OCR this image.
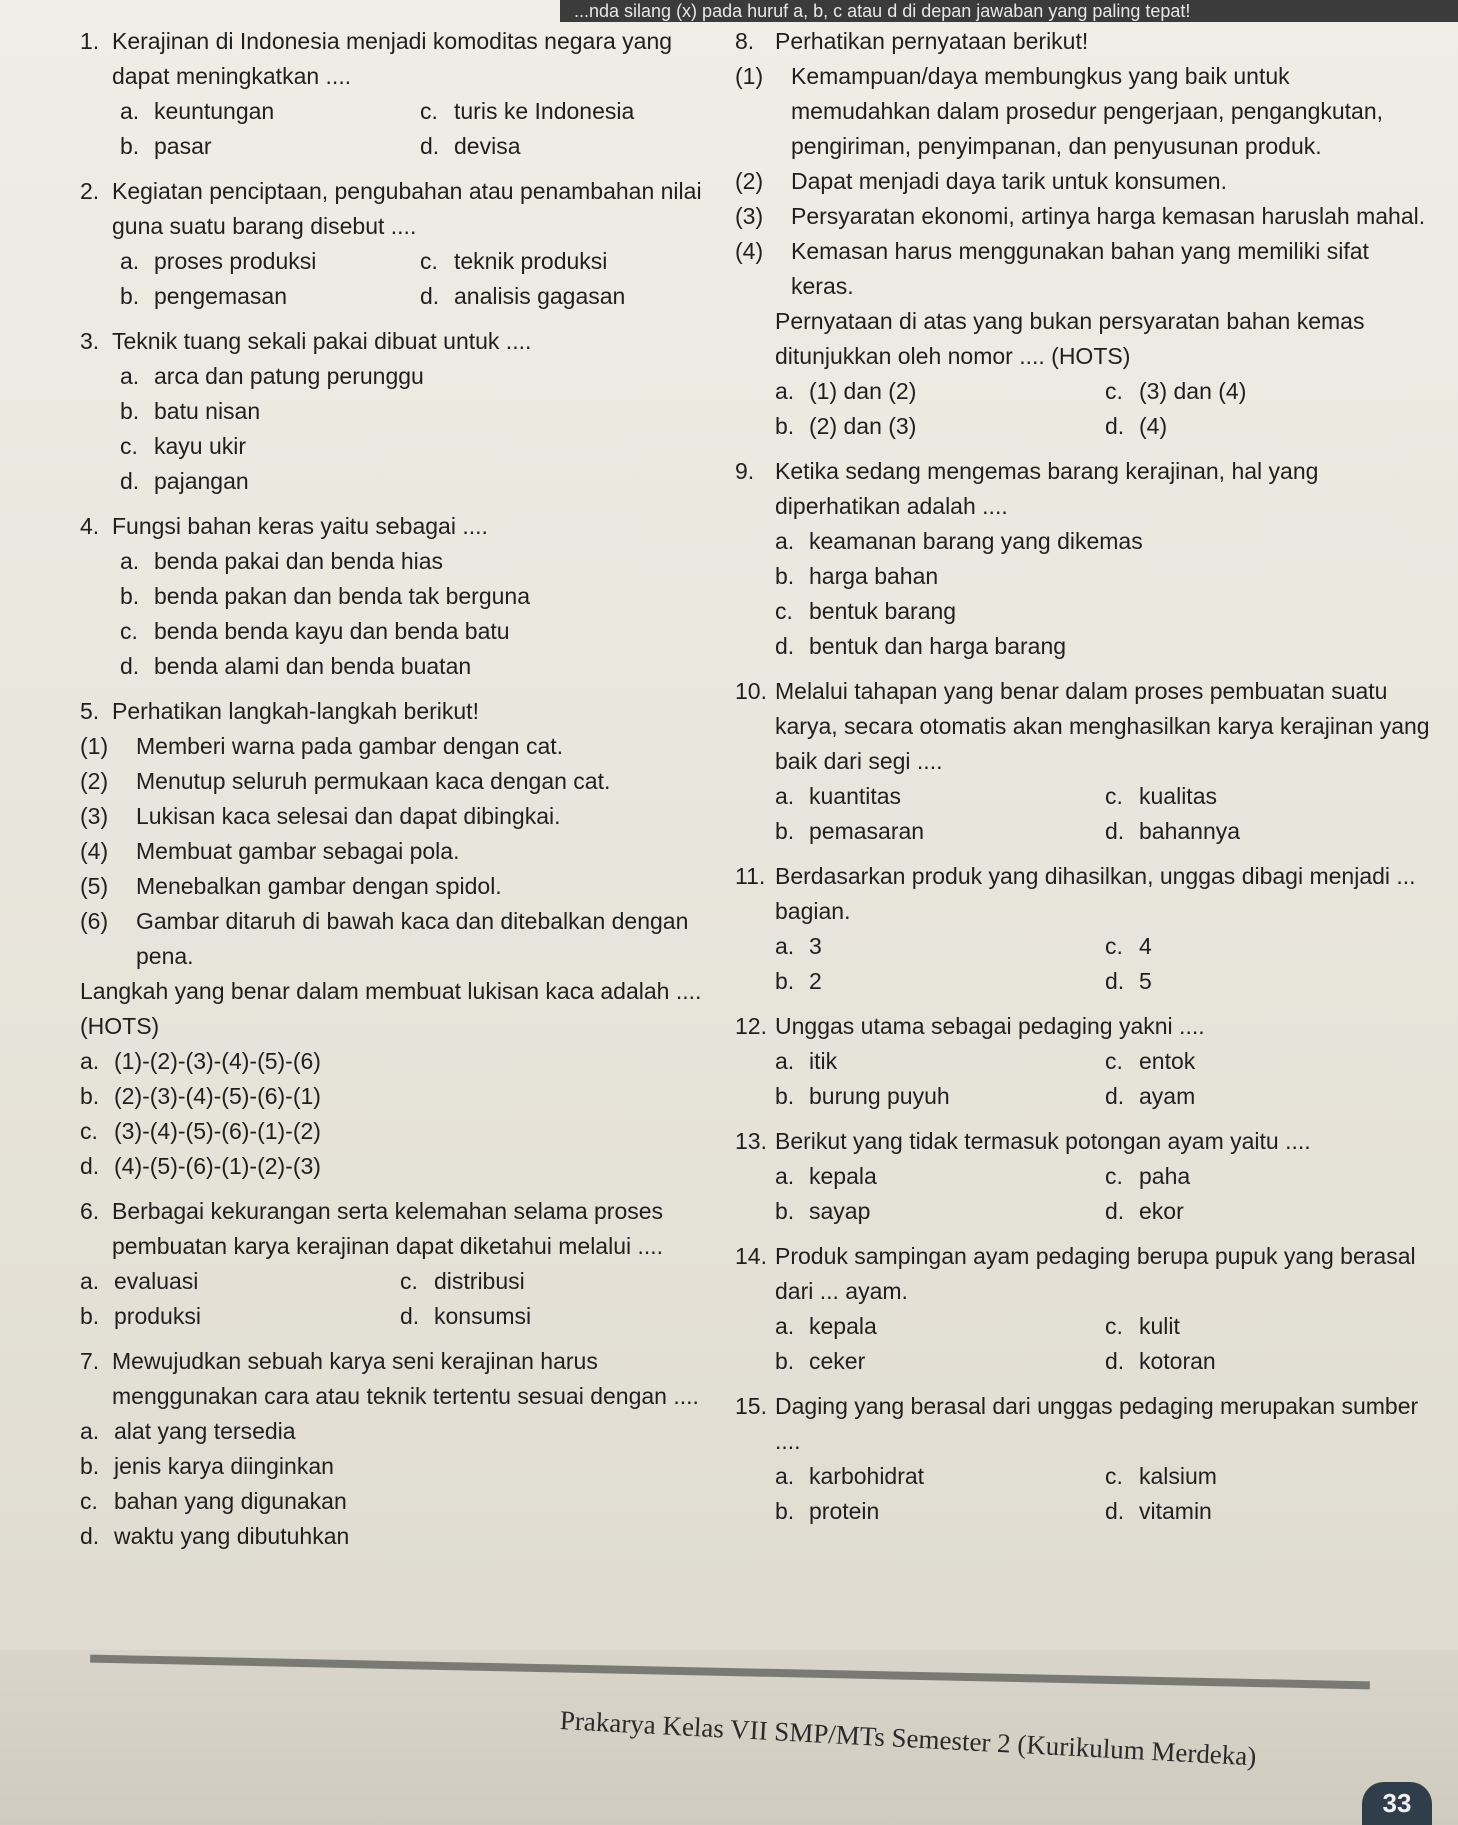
...nda silang (x) pada huruf a, b, c atau d di depan jawaban yang paling tepat!
1. Kerajinan di Indonesia menjadi komoditas negara yang dapat meningkatkan ....
a. keuntungan	c. turis ke Indonesia
b. pasar	d. devisa
2. Kegiatan penciptaan, pengubahan atau penambahan nilai guna suatu barang disebut ....
a. proses produksi	c. teknik produksi
b. pengemasan	d. analisis gagasan
3. Teknik tuang sekali pakai dibuat untuk ....
a. arca dan patung perunggu
b. batu nisan
c. kayu ukir
d. pajangan
4. Fungsi bahan keras yaitu sebagai ....
a. benda pakai dan benda hias
b. benda pakan dan benda tak berguna
c. benda benda kayu dan benda batu
d. benda alami dan benda buatan
5. Perhatikan langkah-langkah berikut!
(1)	Memberi warna pada gambar dengan cat.
(2)	Menutup seluruh permukaan kaca dengan cat.
(3)	Lukisan kaca selesai dan dapat dibingkai.
(4)	Membuat gambar sebagai pola.
(5)	Menebalkan gambar dengan spidol.
(6)	Gambar ditaruh di bawah kaca dan ditebalkan dengan pena.
Langkah yang benar dalam membuat lukisan kaca adalah .... (HOTS)
a. (1)-(2)-(3)-(4)-(5)-(6)
b. (2)-(3)-(4)-(5)-(6)-(1)
c. (3)-(4)-(5)-(6)-(1)-(2)
d. (4)-(5)-(6)-(1)-(2)-(3)
6. Berbagai kekurangan serta kelemahan selama proses pembuatan karya kerajinan dapat diketahui melalui ....
a. evaluasi	c. distribusi
b. produksi	d. konsumsi
7. Mewujudkan sebuah karya seni kerajinan harus menggunakan cara atau teknik tertentu sesuai dengan ....
a. alat yang tersedia
b. jenis karya diinginkan
c. bahan yang digunakan
d. waktu yang dibutuhkan
8. Perhatikan pernyataan berikut!
(1)	Kemampuan/daya membungkus yang baik untuk memudahkan dalam prosedur pengerjaan, pengangkutan, pengiriman, penyimpanan, dan penyusunan produk.
(2)	Dapat menjadi daya tarik untuk konsumen.
(3)	Persyaratan ekonomi, artinya harga kemasan haruslah mahal.
(4)	Kemasan harus menggunakan bahan yang memiliki sifat keras.
Pernyataan di atas yang bukan persyaratan bahan kemas ditunjukkan oleh nomor .... (HOTS)
a. (1) dan (2)	c. (3) dan (4)
b. (2) dan (3)	d. (4)
9. Ketika sedang mengemas barang kerajinan, hal yang diperhatikan adalah ....
a. keamanan barang yang dikemas
b. harga bahan
c. bentuk barang
d. bentuk dan harga barang
10. Melalui tahapan yang benar dalam proses pembuatan suatu karya, secara otomatis akan menghasilkan karya kerajinan yang baik dari segi ....
a. kuantitas	c. kualitas
b. pemasaran	d. bahannya
11. Berdasarkan produk yang dihasilkan, unggas dibagi menjadi ... bagian.
a. 3	c. 4
b. 2	d. 5
12. Unggas utama sebagai pedaging yakni ....
a. itik	c. entok
b. burung puyuh	d. ayam
13. Berikut yang tidak termasuk potongan ayam yaitu ....
a. kepala	c. paha
b. sayap	d. ekor
14. Produk sampingan ayam pedaging berupa pupuk yang berasal dari ... ayam.
a. kepala	c. kulit
b. ceker	d. kotoran
15. Daging yang berasal dari unggas pedaging merupakan sumber ....
a. karbohidrat	c. kalsium
b. protein	d. vitamin
Prakarya Kelas VII SMP/MTs Semester 2 (Kurikulum Merdeka)
33
